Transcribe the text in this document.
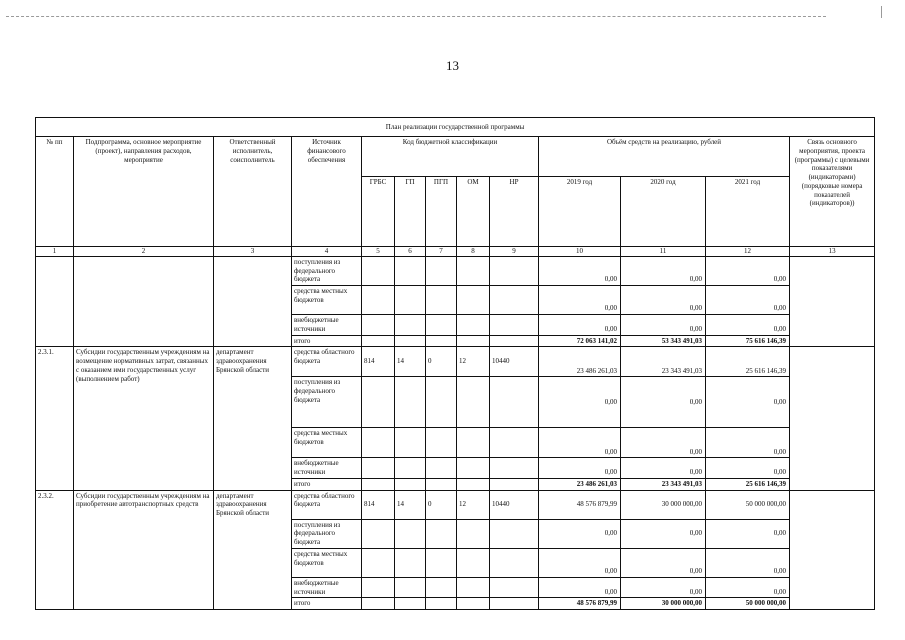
13
План реализации государственной программы												
№ пп	Подпрограмма, основное мероприятие (проект), направления расходов, мероприятие	Ответственный исполнитель, соисполнитель	Источник финансового обеспечения	Код бюджетной классификации					Объём средств на реализацию, рублей			Связь основного мероприятия, проекта (программы) с целевыми показателями (индикаторами) (порядковые номера показателей (индикаторов))
				ГРБС	ГП	ПГП	ОМ	НР	2019 год	2020 год	2021 год	
1	2	3	4	5	6	7	8	9	10	11	12	13
			поступления из федерального бюджета						0,00	0,00	0,00	
			средства местных бюджетов						0,00	0,00	0,00	
			внебюджетные источники						0,00	0,00	0,00	
			итого						72 063 141,02	53 343 491,03	75 616 146,39	
2.3.1.	Субсидии государственным учреждениям на возмещение нормативных затрат, связанных с оказанием ими государственных услуг (выполнением работ)	департамент здравоохранения Брянской области	средства областного бюджета	814	14	0	12	10440	23 486 261,03	23 343 491,03	25 616 146,39	
			поступления из федерального бюджета						0,00	0,00	0,00	
			средства местных бюджетов						0,00	0,00	0,00	
			внебюджетные источники						0,00	0,00	0,00	
			итого						23 486 261,03	23 343 491,03	25 616 146,39	
2.3.2.	Субсидии государственным учреждениям на приобретение автотранспортных средств	департамент здравоохранения Брянской области	средства областного бюджета	814	14	0	12	10440	48 576 879,99	30 000 000,00	50 000 000,00	
			поступления из федерального бюджета						0,00	0,00	0,00	
			средства местных бюджетов						0,00	0,00	0,00	
			внебюджетные источники						0,00	0,00	0,00	
			итого						48 576 879,99	30 000 000,00	50 000 000,00	
